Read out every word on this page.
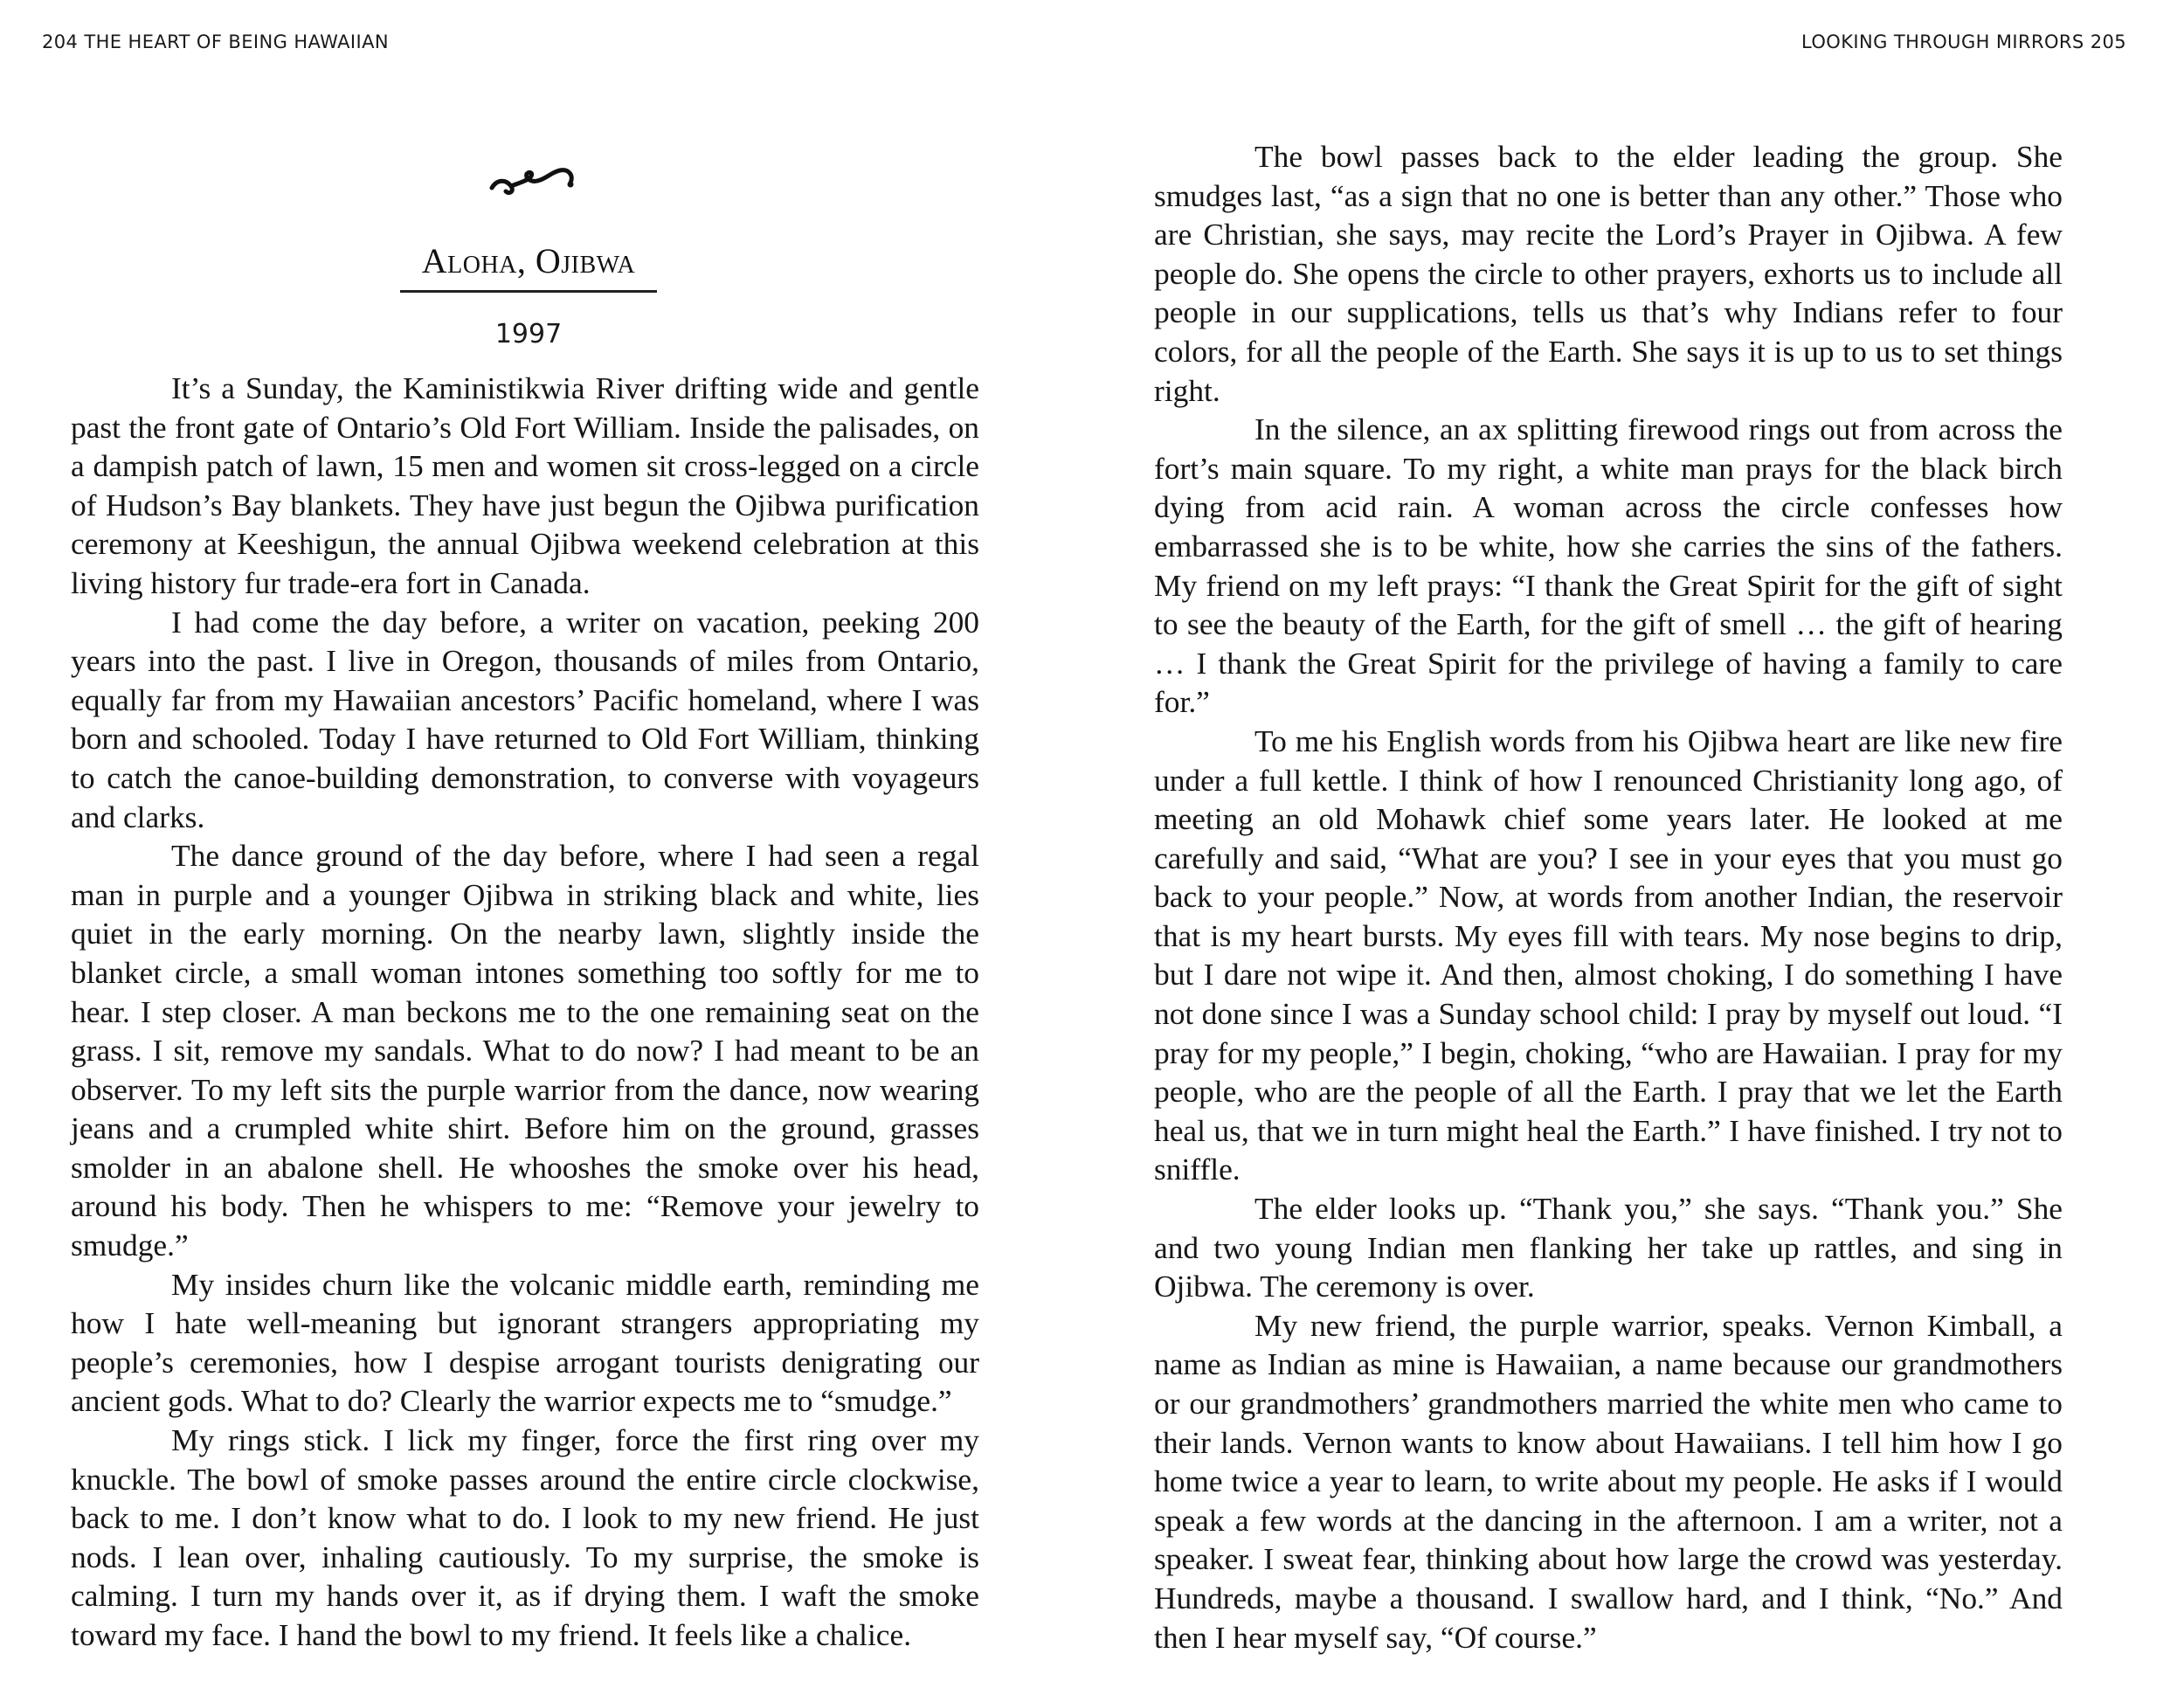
204 THE HEART OF BEING HAWAIIAN
Aloha, Ojibwa
1997

It’s a Sunday, the Kaministikwia River drifting wide and gentle past the front gate of Ontario’s Old Fort William. Inside the palisades, on a dampish patch of lawn, 15 men and women sit cross-legged on a circle of Hudson’s Bay blankets. They have just begun the Ojibwa purification ceremony at Keeshigun, the annual Ojibwa weekend celebration at this living history fur trade-era fort in Canada.

I had come the day before, a writer on vacation, peeking 200 years into the past. I live in Oregon, thousands of miles from Ontario, equally far from my Hawaiian ancestors’ Pacific homeland, where I was born and schooled. Today I have returned to Old Fort William, thinking to catch the canoe-building demonstration, to converse with voyageurs and clarks.

The dance ground of the day before, where I had seen a regal man in purple and a younger Ojibwa in striking black and white, lies quiet in the early morning. On the nearby lawn, slightly inside the blanket circle, a small woman intones something too softly for me to hear. I step closer. A man beckons me to the one remaining seat on the grass. I sit, remove my sandals. What to do now? I had meant to be an observer. To my left sits the purple warrior from the dance, now wearing jeans and a crumpled white shirt. Before him on the ground, grasses smolder in an abalone shell. He whooshes the smoke over his head, around his body. Then he whispers to me: “Remove your jewelry to smudge.”

My insides churn like the volcanic middle earth, reminding me how I hate well-meaning but ignorant strangers appropriating my people’s ceremonies, how I despise arrogant tourists denigrating our ancient gods. What to do? Clearly the warrior expects me to “smudge.”

My rings stick. I lick my finger, force the first ring over my knuckle. The bowl of smoke passes around the entire circle clockwise, back to me. I don’t know what to do. I look to my new friend. He just nods. I lean over, inhaling cautiously. To my surprise, the smoke is calming. I turn my hands over it, as if drying them. I waft the smoke toward my face. I hand the bowl to my friend. It feels like a chalice.

LOOKING THROUGH MIRRORS 205

The bowl passes back to the elder leading the group. She smudges last, “as a sign that no one is better than any other.” Those who are Christian, she says, may recite the Lord’s Prayer in Ojibwa. A few people do. She opens the circle to other prayers, exhorts us to include all people in our supplications, tells us that’s why Indians refer to four colors, for all the people of the Earth. She says it is up to us to set things right.

In the silence, an ax splitting firewood rings out from across the fort’s main square. To my right, a white man prays for the black birch dying from acid rain. A woman across the circle confesses how embarrassed she is to be white, how she carries the sins of the fathers. My friend on my left prays: “I thank the Great Spirit for the gift of sight to see the beauty of the Earth, for the gift of smell … the gift of hearing … I thank the Great Spirit for the privilege of having a family to care for.”

To me his English words from his Ojibwa heart are like new fire under a full kettle. I think of how I renounced Christianity long ago, of meeting an old Mohawk chief some years later. He looked at me carefully and said, “What are you? I see in your eyes that you must go back to your people.” Now, at words from another Indian, the reservoir that is my heart bursts. My eyes fill with tears. My nose begins to drip, but I dare not wipe it. And then, almost choking, I do something I have not done since I was a Sunday school child: I pray by myself out loud. “I pray for my people,” I begin, choking, “who are Hawaiian. I pray for my people, who are the people of all the Earth. I pray that we let the Earth heal us, that we in turn might heal the Earth.” I have finished. I try not to sniffle.

The elder looks up. “Thank you,” she says. “Thank you.” She and two young Indian men flanking her take up rattles, and sing in Ojibwa. The ceremony is over.

My new friend, the purple warrior, speaks. Vernon Kimball, a name as Indian as mine is Hawaiian, a name because our grandmothers or our grandmothers’ grandmothers married the white men who came to their lands. Vernon wants to know about Hawaiians. I tell him how I go home twice a year to learn, to write about my people. He asks if I would speak a few words at the dancing in the afternoon. I am a writer, not a speaker. I sweat fear, thinking about how large the crowd was yesterday. Hundreds, maybe a thousand. I swallow hard, and I think, “No.” And then I hear myself say, “Of course.”
